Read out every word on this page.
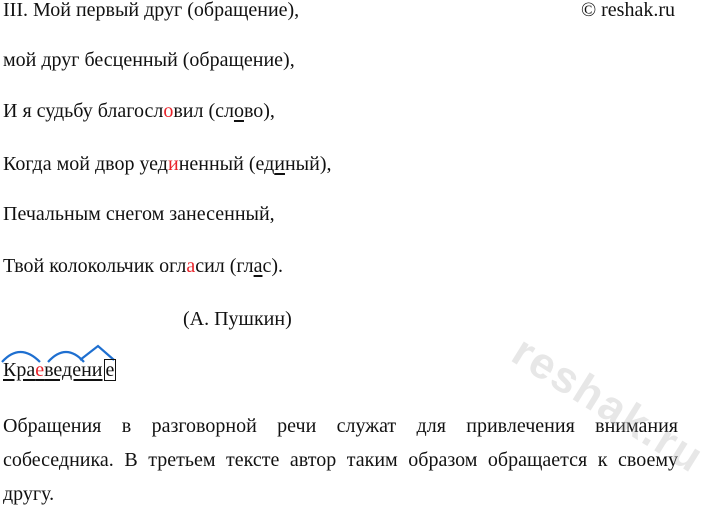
© reshak.ru
III. Мой первый друг (обращение),
мой друг бесценный (обращение),
И я судьбу благословил (слово),
Когда мой двор уединенный (единый),
Печальным снегом занесенный,
Твой колокольчик огласил (глас).
(А. Пушкин)
Краеведени е
Обращения в разговорной речи служат для привлечения внимания собеседника. В третьем тексте автор таким образом обращается к своему другу.
reshak.ru
